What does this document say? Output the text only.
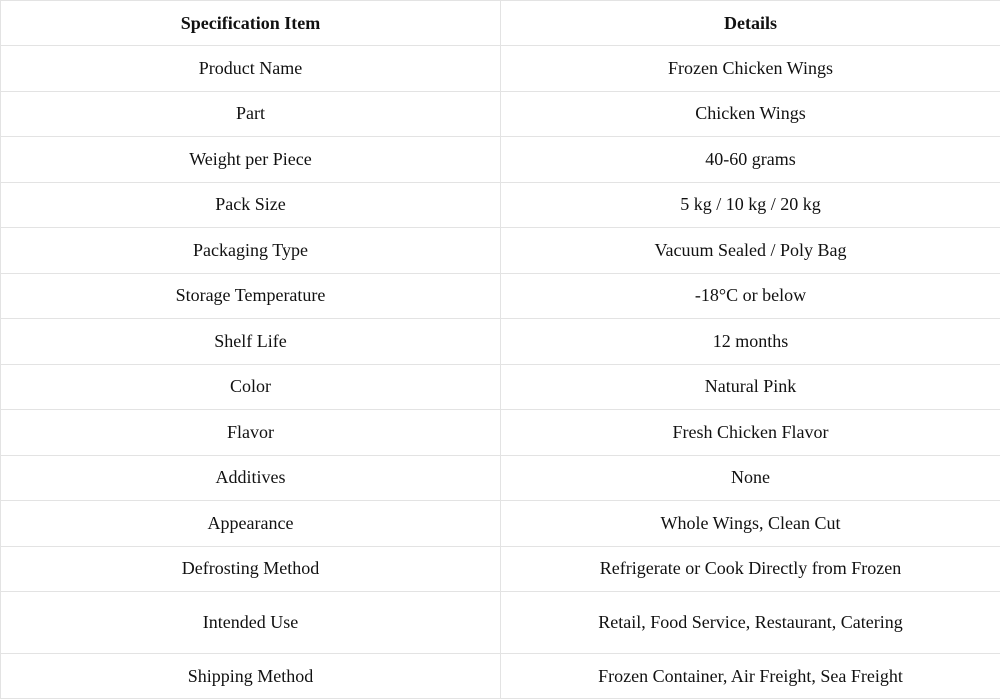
Specification Item	Details
Product Name	Frozen Chicken Wings
Part	Chicken Wings
Weight per Piece	40-60 grams
Pack Size	5 kg / 10 kg / 20 kg
Packaging Type	Vacuum Sealed / Poly Bag
Storage Temperature	-18°C or below
Shelf Life	12 months
Color	Natural Pink
Flavor	Fresh Chicken Flavor
Additives	None
Appearance	Whole Wings, Clean Cut
Defrosting Method	Refrigerate or Cook Directly from Frozen
Intended Use	Retail, Food Service, Restaurant, Catering
Shipping Method	Frozen Container, Air Freight, Sea Freight
